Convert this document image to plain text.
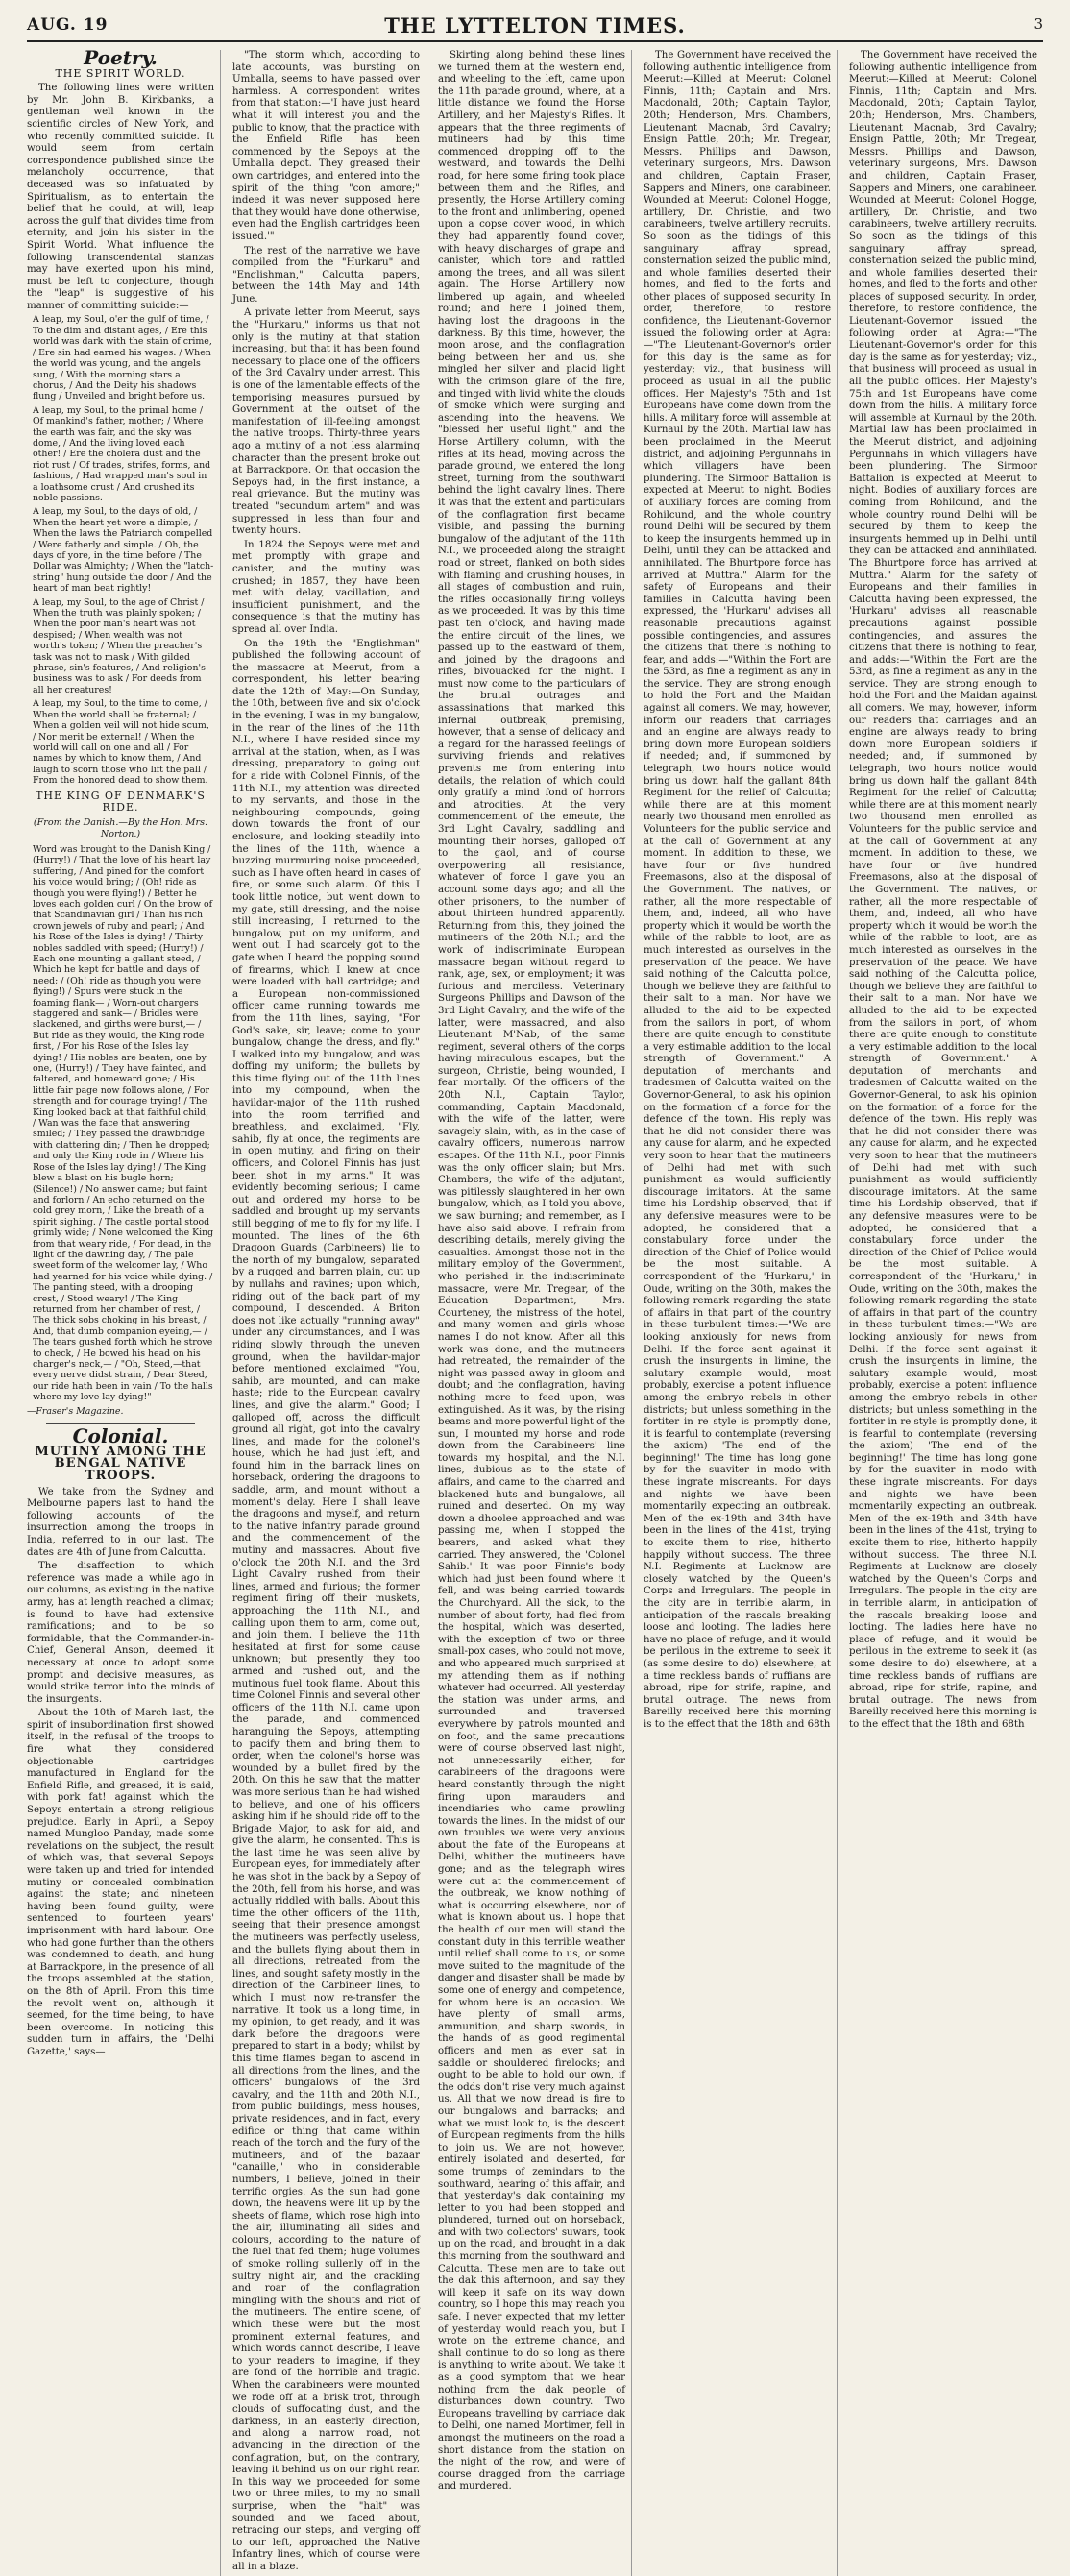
AUG. 19	THE LYTTELTON TIMES.	3
Poetry.
THE SPIRIT WORLD.

The following lines were written by Mr. John B. Kirkbanks, a gentleman well known in the scientific circles of New York, and who recently committed suicide. It would seem from certain correspondence published since the melancholy occurrence, that deceased was so infatuated by Spiritualism, as to entertain the belief that he could, at will, leap across the gulf that divides time from eternity, and join his sister in the Spirit World. What influence the following transcendental stanzas may have exerted upon his mind, must be left to conjecture, though the "leap" is suggestive of his manner of committing suicide:—

A leap, my Soul, o'er the gulf of time, / To the dim and distant ages, / Ere this world was dark with the stain of crime, / Ere sin had earned his wages. / When the world was young, and the angels sung, / With the morning stars a chorus, / And the Deity his shadows flung / Unveiled and bright before us.
A leap, my Soul, to the primal home / Of mankind's father, mother; / Where the earth was fair, and the sky was dome, / And the living loved each other! / Ere the cholera dust and the riot rust / Of trades, strifes, forms, and fashions, / Had wrapped man's soul in a loathsome crust / And crushed its noble passions.
A leap, my Soul, to the days of old, / When the heart yet wore a dimple; / When the laws the Patriarch compelled / Were fatherly and simple. / Oh, the days of yore, in the time before / The Dollar was Almighty; / When the "latch-string" hung outside the door / And the heart of man beat rightly!
A leap, my Soul, to the age of Christ / When the truth was plainly spoken; / When the poor man's heart was not despised; / When wealth was not worth's token; / When the preacher's task was not to mask / With gilded phrase, sin's features, / And religion's business was to ask / For deeds from all her creatures!
A leap, my Soul, to the time to come, / When the world shall be fraternal; / When a golden veil will not hide scum, / Nor merit be external! / When the world will call on one and all / For names by which to know them, / And laugh to scorn those who lift the pall / From the honored dead to show them.
THE KING OF DENMARK'S RIDE.
(From the Danish.—By the Hon. Mrs. Norton.)
Word was brought to the Danish King / (Hurry!) / That the love of his heart lay suffering, / And pined for the comfort his voice would bring; / (Oh! ride as though you were flying!) / Better he loves each golden curl / On the brow of that Scandinavian girl / Than his rich crown jewels of ruby and pearl; / And his Rose of the Isles is dying! / Thirty nobles saddled with speed; (Hurry!) / Each one mounting a gallant steed, / Which he kept for battle and days of need; / (Oh! ride as though you were flying!) / Spurs were stuck in the foaming flank— / Worn-out chargers staggered and sank— / Bridles were slackened, and girths were burst,— / But ride as they would, the King rode first, / For his Rose of the Isles lay dying! / His nobles are beaten, one by one, (Hurry!) / They have fainted, and faltered, and homeward gone; / His little fair page now follows alone, / For strength and for courage trying! / The King looked back at that faithful child, / Wan was the face that answering smiled; / They passed the drawbridge with clattering din; / Then he dropped; and only the King rode in / Where his Rose of the Isles lay dying! / The King blew a blast on his bugle horn; (Silence!) / No answer came; but faint and forlorn / An echo returned on the cold grey morn, / Like the breath of a spirit sighing. / The castle portal stood grimly wide; / None welcomed the King from that weary ride, / For dead, in the light of the dawning day, / The pale sweet form of the welcomer lay, / Who had yearned for his voice while dying. / The panting steed, with a drooping crest, / Stood weary! / The King returned from her chamber of rest, / The thick sobs choking in his breast, / And, that dumb companion eyeing,— / The tears gushed forth which he strove to check, / He bowed his head on his charger's neck,— / "Oh, Steed,—that every nerve didst strain, / Dear Steed, our ride hath been in vain / To the halls where my love lay dying!"
—Fraser's Magazine.
Colonial.
MUTINY AMONG THE BENGAL NATIVE TROOPS.

We take from the Sydney and Melbourne papers last to hand the following accounts of the insurrection among the troops in India, referred to in our last. The dates are 4th of June from Calcutta.

The disaffection to which reference was made a while ago in our columns, as existing in the native army, has at length reached a climax; is found to have had extensive ramifications; and to be so formidable, that the Commander-in-Chief, General Anson, deemed it necessary at once to adopt some prompt and decisive measures, as would strike terror into the minds of the insurgents.

About the 10th of March last, the spirit of insubordination first showed itself, in the refusal of the troops to fire what they considered objectionable cartridges manufactured in England for the Enfield Rifle, and greased, it is said, with pork fat! against which the Sepoys entertain a strong religious prejudice. Early in April, a Sepoy named Mungloo Panday, made some revelations on the subject, the result of which was, that several Sepoys were taken up and tried for intended mutiny or concealed combination against the state; and nineteen having been found guilty, were sentenced to fourteen years' imprisonment with hard labour. One who had gone further than the others was condemned to death, and hung at Barrackpore, in the presence of all the troops assembled at the station, on the 8th of April. From this time the revolt went on, although it seemed, for the time being, to have been overcome. In noticing this sudden turn in affairs, the 'Delhi Gazette,' says—

"The storm which, according to late accounts, was bursting on Umballa, seems to have passed over harmless. A correspondent writes from that station:—'I have just heard what it will interest you and the public to know, that the practice with the Enfield Rifle has been commenced by the Sepoys at the Umballa depot. They greased their own cartridges, and entered into the spirit of the thing "con amore;" indeed it was never supposed here that they would have done otherwise, even had the English cartridges been issued.'"

The rest of the narrative we have compiled from the "Hurkaru" and "Englishman," Calcutta papers, between the 14th May and 14th June.

A private letter from Meerut, says the "Hurkaru," informs us that not only is the mutiny at that station increasing, but that it has been found necessary to place one of the officers of the 3rd Cavalry under arrest. This is one of the lamentable effects of the temporising measures pursued by Government at the outset of the manifestation of ill-feeling amongst the native troops. Thirty-three years ago a mutiny of a not less alarming character than the present broke out at Barrackpore. On that occasion the Sepoys had, in the first instance, a real grievance. But the mutiny was treated "secundum artem" and was suppressed in less than four and twenty hours.

In 1824 the Sepoys were met and met promptly with grape and canister, and the mutiny was crushed; in 1857, they have been met with delay, vacillation, and insufficient punishment, and the consequence is that the mutiny has spread all over India.

On the 19th the "Englishman" published the following account of the massacre at Meerut, from a correspondent, his letter bearing date the 12th of May:—On Sunday, the 10th, between five and six o'clock in the evening, I was in my bungalow, in the rear of the lines of the 11th N.I., where I have resided since my arrival at the station, when, as I was dressing, preparatory to going out for a ride with Colonel Finnis, of the 11th N.I., my attention was directed to my servants, and those in the neighbouring compounds, going down towards the front of our enclosure, and looking steadily into the lines of the 11th, whence a buzzing murmuring noise proceeded, such as I have often heard in cases of fire, or some such alarm. Of this I took little notice, but went down to my gate, still dressing, and the noise still increasing, I returned to the bungalow, put on my uniform, and went out. I had scarcely got to the gate when I heard the popping sound of firearms, which I knew at once were loaded with ball cartridge; and a European non-commissioned officer came running towards me from the 11th lines, saying, "For God's sake, sir, leave; come to your bungalow, change the dress, and fly." I walked into my bungalow, and was doffing my uniform; the bullets by this time flying out of the 11th lines into my compound, when the havildar-major of the 11th rushed into the room terrified and breathless, and exclaimed, "Fly, sahib, fly at once, the regiments are in open mutiny, and firing on their officers, and Colonel Finnis has just been shot in my arms." It was evidently becoming serious; I came out and ordered my horse to be saddled and brought up my servants still begging of me to fly for my life. I mounted. The lines of the 6th Dragoon Guards (Carbineers) lie to the north of my bungalow, separated by a rugged and barren plain, cut up by nullahs and ravines; upon which, riding out of the back part of my compound, I descended. A Briton does not like actually "running away" under any circumstances, and I was riding slowly through the uneven ground, when the havildar-major before mentioned exclaimed "You, sahib, are mounted, and can make haste; ride to the European cavalry lines, and give the alarm." Good; I galloped off, across the difficult ground all right, got into the cavalry lines, and made for the colonel's house, which he had just left, and found him in the barrack lines on horseback, ordering the dragoons to saddle, arm, and mount without a moment's delay. Here I shall leave the dragoons and myself, and return to the native infantry parade ground and the commencement of the mutiny and massacres. About five o'clock the 20th N.I. and the 3rd Light Cavalry rushed from their lines, armed and furious; the former regiment firing off their muskets, approaching the 11th N.I., and calling upon them to arm, come out, and join them. I believe the 11th hesitated at first for some cause unknown; but presently they too armed and rushed out, and the mutinous fuel took flame. About this time Colonel Finnis and several other officers of the 11th N.I. came upon the parade, and commenced haranguing the Sepoys, attempting to pacify them and bring them to order, when the colonel's horse was wounded by a bullet fired by the 20th. On this he saw that the matter was more serious than he had wished to believe, and one of his officers asking him if he should ride off to the Brigade Major, to ask for aid, and give the alarm, he consented. This is the last time he was seen alive by European eyes, for immediately after he was shot in the back by a Sepoy of the 20th, fell from his horse, and was actually riddled with balls. About this time the other officers of the 11th, seeing that their presence amongst the mutineers was perfectly useless, and the bullets flying about them in all directions, retreated from the lines, and sought safety mostly in the direction of the Carbineer lines, to which I must now re-transfer the narrative. It took us a long time, in my opinion, to get ready, and it was dark before the dragoons were prepared to start in a body; whilst by this time flames began to ascend in all directions from the lines, and the officers' bungalows of the 3rd cavalry, and the 11th and 20th N.I., from public buildings, mess houses, private residences, and in fact, every edifice or thing that came within reach of the torch and the fury of the mutineers, and of the bazaar "canaille," who in considerable numbers, I believe, joined in their terrific orgies. As the sun had gone down, the heavens were lit up by the sheets of flame, which rose high into the air, illuminating all sides and colours, according to the nature of the fuel that fed them; huge volumes of smoke rolling sullenly off in the sultry night air, and the crackling and roar of the conflagration mingling with the shouts and riot of the mutineers. The entire scene, of which these were but the most prominent external features, and which words cannot describe, I leave to your readers to imagine, if they are fond of the horrible and tragic. When the carabineers were mounted we rode off at a brisk trot, through clouds of suffocating dust, and the darkness, in an easterly direction, and along a narrow road, not advancing in the direction of the conflagration, but, on the contrary, leaving it behind us on our right rear. In this way we proceeded for some two or three miles, to my no small surprise, when the "halt" was sounded and we faced about, retracing our steps, and verging off to our left, approached the Native Infantry lines, which of course were all in a blaze.

Skirting along behind these lines we turned them at the western end, and wheeling to the left, came upon the 11th parade ground, where, at a little distance we found the Horse Artillery, and her Majesty's Rifles. It appears that the three regiments of mutineers had by this time commenced dropping off to the westward, and towards the Delhi road, for here some firing took place between them and the Rifles, and presently, the Horse Artillery coming to the front and unlimbering, opened upon a copse cover wood, in which they had apparently found cover, with heavy discharges of grape and canister, which tore and rattled among the trees, and all was silent again. The Horse Artillery now limbered up again, and wheeled round; and here I joined them, having lost the dragoons in the darkness. By this time, however, the moon arose, and the conflagration being between her and us, she mingled her silver and placid light with the crimson glare of the fire, and tinged with livid white the clouds of smoke which were surging and ascending into the heavens. We "blessed her useful light," and the Horse Artillery column, with the rifles at its head, moving across the parade ground, we entered the long street, turning from the southward behind the light cavalry lines. There it was that the extent and particulars of the conflagration first became visible, and passing the burning bungalow of the adjutant of the 11th N.I., we proceeded along the straight road or street, flanked on both sides with flaming and crushing houses, in all stages of combustion and ruin, the rifles occasionally firing volleys as we proceeded. It was by this time past ten o'clock, and having made the entire circuit of the lines, we passed up to the eastward of them, and joined by the dragoons and rifles, bivouacked for the night. I must now come to the particulars of the brutal outrages and assassinations that marked this infernal outbreak, premising, however, that a sense of delicacy and a regard for the harassed feelings of surviving friends and relatives prevents me from entering into details, the relation of which could only gratify a mind fond of horrors and atrocities. At the very commencement of the emeute, the 3rd Light Cavalry, saddling and mounting their horses, galloped off to the gaol, and of course overpowering all resistance, whatever of force I gave you an account some days ago; and all the other prisoners, to the number of about thirteen hundred apparently. Returning from this, they joined the mutineers of the 20th N.I.; and the work of indiscriminate European massacre began without regard to rank, age, sex, or employment; it was furious and merciless. Veterinary Surgeons Phillips and Dawson of the 3rd Light Cavalry, and the wife of the latter, were massacred, and also Lieutenant M'Nab, of the same regiment, several others of the corps having miraculous escapes, but the surgeon, Christie, being wounded, I fear mortally. Of the officers of the 20th N.I., Captain Taylor, commanding, Captain Macdonald, with the wife of the latter, were savagely slain, with, as in the case of cavalry officers, numerous narrow escapes. Of the 11th N.I., poor Finnis was the only officer slain; but Mrs. Chambers, the wife of the adjutant, was pitilessly slaughtered in her own bungalow, which, as I told you above, we saw burning; and remember, as I have also said above, I refrain from describing details, merely giving the casualties. Amongst those not in the military employ of the Government, who perished in the indiscriminate massacre, were Mr. Tregear, of the Education Department, Mrs. Courteney, the mistress of the hotel, and many women and girls whose names I do not know. After all this work was done, and the mutineers had retreated, the remainder of the night was passed away in gloom and doubt; and the conflagration, having nothing more to feed upon, was extinguished. As it was, by the rising beams and more powerful light of the sun, I mounted my horse and rode down from the Carabineers' line towards my hospital, and the N.I. lines, dubious as to the state of affairs, and came to the charred and blackened huts and bungalows, all ruined and deserted. On my way down a dhoolee approached and was passing me, when I stopped the bearers, and asked what they carried. They answered, the 'Colonel Sahib.' It was poor Finnis's body which had just been found where it fell, and was being carried towards the Churchyard. All the sick, to the number of about forty, had fled from the hospital, which was deserted, with the exception of two or three small-pox cases, who could not move, and who appeared much surprised at my attending them as if nothing whatever had occurred. All yesterday the station was under arms, and surrounded and traversed everywhere by patrols mounted and on foot, and the same precautions were of course observed last night, not unnecessarily either, for carabineers of the dragoons were heard constantly through the night firing upon marauders and incendiaries who came prowling towards the lines. In the midst of our own troubles we were very anxious about the fate of the Europeans at Delhi, whither the mutineers have gone; and as the telegraph wires were cut at the commencement of the outbreak, we know nothing of what is occurring elsewhere, nor of what is known about us. I hope that the health of our men will stand the constant duty in this terrible weather until relief shall come to us, or some move suited to the magnitude of the danger and disaster shall be made by some one of energy and competence, for whom here is an occasion. We have plenty of small arms, ammunition, and sharp swords, in the hands of as good regimental officers and men as ever sat in saddle or shouldered firelocks; and ought to be able to hold our own, if the odds don't rise very much against us. All that we now dread is fire to our bungalows and barracks; and what we must look to, is the descent of European regiments from the hills to join us. We are not, however, entirely isolated and deserted, for some trumps of zemindars to the southward, hearing of this affair, and that yesterday's dak containing my letter to you had been stopped and plundered, turned out on horseback, and with two collectors' suwars, took up on the road, and brought in a dak this morning from the southward and Calcutta. These men are to take out the dak this afternoon, and say they will keep it safe on its way down country, so I hope this may reach you safe. I never expected that my letter of yesterday would reach you, but I wrote on the extreme chance, and shall continue to do so long as there is anything to write about. We take it as a good symptom that we hear nothing from the dak people of disturbances down country. Two Europeans travelling by carriage dak to Delhi, one named Mortimer, fell in amongst the mutineers on the road a short distance from the station on the night of the row, and were of course dragged from the carriage and murdered.

The Government have received the following authentic intelligence from Meerut:—Killed at Meerut: Colonel Finnis, 11th; Captain and Mrs. Macdonald, 20th; Captain Taylor, 20th; Henderson, Mrs. Chambers, Lieutenant Macnab, 3rd Cavalry; Ensign Pattle, 20th; Mr. Tregear, Messrs. Phillips and Dawson, veterinary surgeons, Mrs. Dawson and children, Captain Fraser, Sappers and Miners, one carabineer. Wounded at Meerut: Colonel Hogge, artillery, Dr. Christie, and two carabineers, twelve artillery recruits. So soon as the tidings of this sanguinary affray spread, consternation seized the public mind, and whole families deserted their homes, and fled to the forts and other places of supposed security. In order, therefore, to restore confidence, the Lieutenant-Governor issued the following order at Agra:—"The Lieutenant-Governor's order for this day is the same as for yesterday; viz., that business will proceed as usual in all the public offices. Her Majesty's 75th and 1st Europeans have come down from the hills. A military force will assemble at Kurnaul by the 20th. Martial law has been proclaimed in the Meerut district, and adjoining Pergunnahs in which villagers have been plundering. The Sirmoor Battalion is expected at Meerut to night. Bodies of auxiliary forces are coming from Rohilcund, and the whole country round Delhi will be secured by them to keep the insurgents hemmed up in Delhi, until they can be attacked and annihilated. The Bhurtpore force has arrived at Muttra." Alarm for the safety of Europeans and their families in Calcutta having been expressed, the 'Hurkaru' advises all reasonable precautions against possible contingencies, and assures the citizens that there is nothing to fear, and adds:—"Within the Fort are the 53rd, as fine a regiment as any in the service. They are strong enough to hold the Fort and the Maidan against all comers. We may, however, inform our readers that carriages and an engine are always ready to bring down more European soldiers if needed; and, if summoned by telegraph, two hours notice would bring us down half the gallant 84th Regiment for the relief of Calcutta; while there are at this moment nearly two thousand men enrolled as Volunteers for the public service and at the call of Government at any moment. In addition to these, we have four or five hundred Freemasons, also at the disposal of the Government. The natives, or rather, all the more respectable of them, and, indeed, all who have property which it would be worth the while of the rabble to loot, are as much interested as ourselves in the preservation of the peace. We have said nothing of the Calcutta police, though we believe they are faithful to their salt to a man. Nor have we alluded to the aid to be expected from the sailors in port, of whom there are quite enough to constitute a very estimable addition to the local strength of Government." A deputation of merchants and tradesmen of Calcutta waited on the Governor-General, to ask his opinion on the formation of a force for the defence of the town. His reply was that he did not consider there was any cause for alarm, and he expected very soon to hear that the mutineers of Delhi had met with such punishment as would sufficiently discourage imitators. At the same time his Lordship observed, that if any defensive measures were to be adopted, he considered that a constabulary force under the direction of the Chief of Police would be the most suitable. A correspondent of the 'Hurkaru,' in Oude, writing on the 30th, makes the following remark regarding the state of affairs in that part of the country in these turbulent times:—"We are looking anxiously for news from Delhi. If the force sent against it crush the insurgents in limine, the salutary example would, most probably, exercise a potent influence among the embryo rebels in other districts; but unless something in the fortiter in re style is promptly done, it is fearful to contemplate (reversing the axiom) 'The end of the beginning!' The time has long gone by for the suaviter in modo with these ingrate miscreants. For days and nights we have been momentarily expecting an outbreak. Men of the ex-19th and 34th have been in the lines of the 41st, trying to excite them to rise, hitherto happily without success. The three N.I. Regiments at Lucknow are closely watched by the Queen's Corps and Irregulars. The people in the city are in terrible alarm, in anticipation of the rascals breaking loose and looting. The ladies here have no place of refuge, and it would be perilous in the extreme to seek it (as some desire to do) elsewhere, at a time reckless bands of ruffians are abroad, ripe for strife, rapine, and brutal outrage. The news from Bareilly received here this morning is to the effect that the 18th and 68th

The Government have received the following authentic intelligence from Meerut:—Killed at Meerut: Colonel Finnis, 11th; Captain and Mrs. Macdonald, 20th; Captain Taylor, 20th; Henderson, Mrs. Chambers, Lieutenant Macnab, 3rd Cavalry; Ensign Pattle, 20th; Mr. Tregear, Messrs. Phillips and Dawson, veterinary surgeons, Mrs. Dawson and children, Captain Fraser, Sappers and Miners, one carabineer. Wounded at Meerut: Colonel Hogge, artillery, Dr. Christie, and two carabineers, twelve artillery recruits. So soon as the tidings of this sanguinary affray spread, consternation seized the public mind, and whole families deserted their homes, and fled to the forts and other places of supposed security. In order, therefore, to restore confidence, the Lieutenant-Governor issued the following order at Agra:—"The Lieutenant-Governor's order for this day is the same as for yesterday; viz., that business will proceed as usual in all the public offices. Her Majesty's 75th and 1st Europeans have come down from the hills. A military force will assemble at Kurnaul by the 20th. Martial law has been proclaimed in the Meerut district, and adjoining Pergunnahs in which villagers have been plundering. The Sirmoor Battalion is expected at Meerut to night. Bodies of auxiliary forces are coming from Rohilcund, and the whole country round Delhi will be secured by them to keep the insurgents hemmed up in Delhi, until they can be attacked and annihilated. The Bhurtpore force has arrived at Muttra." Alarm for the safety of Europeans and their families in Calcutta having been expressed, the 'Hurkaru' advises all reasonable precautions against possible contingencies, and assures the citizens that there is nothing to fear, and adds:—"Within the Fort are the 53rd, as fine a regiment as any in the service. They are strong enough to hold the Fort and the Maidan against all comers. We may, however, inform our readers that carriages and an engine are always ready to bring down more European soldiers if needed; and, if summoned by telegraph, two hours notice would bring us down half the gallant 84th Regiment for the relief of Calcutta; while there are at this moment nearly two thousand men enrolled as Volunteers for the public service and at the call of Government at any moment. In addition to these, we have four or five hundred Freemasons, also at the disposal of the Government. The natives, or rather, all the more respectable of them, and, indeed, all who have property which it would be worth the while of the rabble to loot, are as much interested as ourselves in the preservation of the peace. We have said nothing of the Calcutta police, though we believe they are faithful to their salt to a man. Nor have we alluded to the aid to be expected from the sailors in port, of whom there are quite enough to constitute a very estimable addition to the local strength of Government." A deputation of merchants and tradesmen of Calcutta waited on the Governor-General, to ask his opinion on the formation of a force for the defence of the town. His reply was that he did not consider there was any cause for alarm, and he expected very soon to hear that the mutineers of Delhi had met with such punishment as would sufficiently discourage imitators. At the same time his Lordship observed, that if any defensive measures were to be adopted, he considered that a constabulary force under the direction of the Chief of Police would be the most suitable. A correspondent of the 'Hurkaru,' in Oude, writing on the 30th, makes the following remark regarding the state of affairs in that part of the country in these turbulent times:—"We are looking anxiously for news from Delhi. If the force sent against it crush the insurgents in limine, the salutary example would, most probably, exercise a potent influence among the embryo rebels in other districts; but unless something in the fortiter in re style is promptly done, it is fearful to contemplate (reversing the axiom) 'The end of the beginning!' The time has long gone by for the suaviter in modo with these ingrate miscreants. For days and nights we have been momentarily expecting an outbreak. Men of the ex-19th and 34th have been in the lines of the 41st, trying to excite them to rise, hitherto happily without success. The three N.I. Regiments at Lucknow are closely watched by the Queen's Corps and Irregulars. The people in the city are in terrible alarm, in anticipation of the rascals breaking loose and looting. The ladies here have no place of refuge, and it would be perilous in the extreme to seek it (as some desire to do) elsewhere, at a time reckless bands of ruffians are abroad, ripe for strife, rapine, and brutal outrage. The news from Bareilly received here this morning is to the effect that the 18th and 68th
